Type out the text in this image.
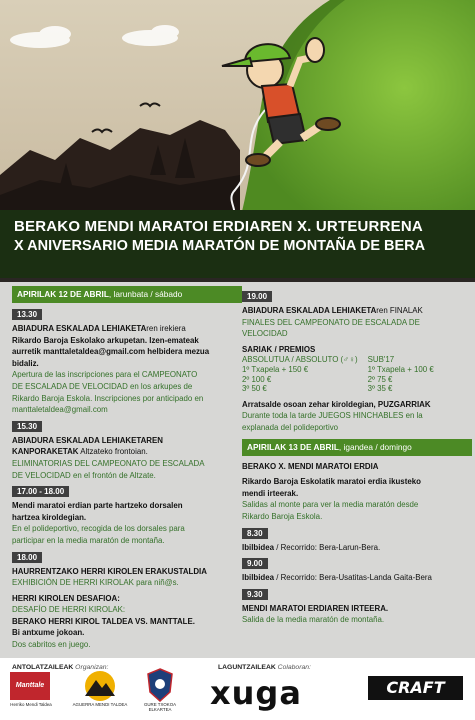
BERAKO MENDI MARATOI ERDIAREN X. URTEURRENA
X ANIVERSARIO MEDIA MARATÓN DE MONTAÑA DE BERA
APIRILAK 12 DE ABRIL, larunbata / sábado
13.30

ABIADURA ESKALADA LEHIAKETAren irekiera

Rikardo Baroja Eskolako arkupetan. Izen-emateak

aurretik manttaletaldea@gmail.com helbidera mezua

bidaliz.

Apertura de las inscripciones para el CAMPEONATO

DE ESCALADA DE VELOCIDAD en los arkupes de

Rikardo Baroja Eskola. Inscripciones por anticipado en

manttaletaldea@gmail.com

15.30

ABIADURA ESKALADA LEHIAKETAREN

KANPORAKETAK Altzateko frontoian.

ELIMINATORIAS DEL CAMPEONATO DE ESCALADA

DE VELOCIDAD en el frontón de Altzate.

17.00 - 18.00

Mendi maratoi erdian parte hartzeko dorsalen

hartzea kiroldegian.

En el polideportivo, recogida de los dorsales para

participar en la media maratón de montaña.

18.00

HAURRENTZAKO HERRI KIROLEN ERAKUSTALDIA

EXHIBICIÓN DE HERRI KIROLAK para niñ@s.

HERRI KIROLEN DESAFIOA:

DESAFÍO DE HERRI KIROLAK:

BERAKO HERRI KIROL TALDEA VS. MANTTALE.

Bi antxume jokoan.

Dos cabritos en juego.

19.00

ABIADURA ESKALADA LEHIAKETAren FINALAK

FINALES DEL CAMPEONATO DE ESCALADA DE

VELOCIDAD

SARIAK / PREMIOS

ABSOLUTUA / ABSOLUTO (♂♀)	SUB'17
1º Txapela + 150 €	1º Txapela + 100 €
2º 100 €	2º 75 €
3º 50 €	3º 35 €

Arratsalde osoan zehar kiroldegian, PUZGARRIAK

Durante toda la tarde JUEGOS HINCHABLES en la

explanada del polideportivo

APIRILAK 13 DE ABRIL, igandea / domingo

BERAKO X. MENDI MARATOI ERDIA

Rikardo Baroja Eskolatik maratoi erdia ikusteko

mendi irteerak.

Salidas al monte para ver la media maratón desde

Rikardo Baroja Eskola.

8.30

Ibilbidea / Recorrido: Bera-Larun-Bera.

9.00

Ibilbidea / Recorrido: Bera-Usatitas-Landa Gaita-Bera

9.30

MENDI MARATOI ERDIAREN IRTEERA.

Salida de la media maratón de montaña.

ANTOLATZAILEAK Organizan:	LAGUNTZAILEAK Colaboran:
Manttale
Herriko Mendi Taldea	AGUERRA MENDI TALDEA	GURE TXOKOA
ELKARTEA	xuga	CRAFT
